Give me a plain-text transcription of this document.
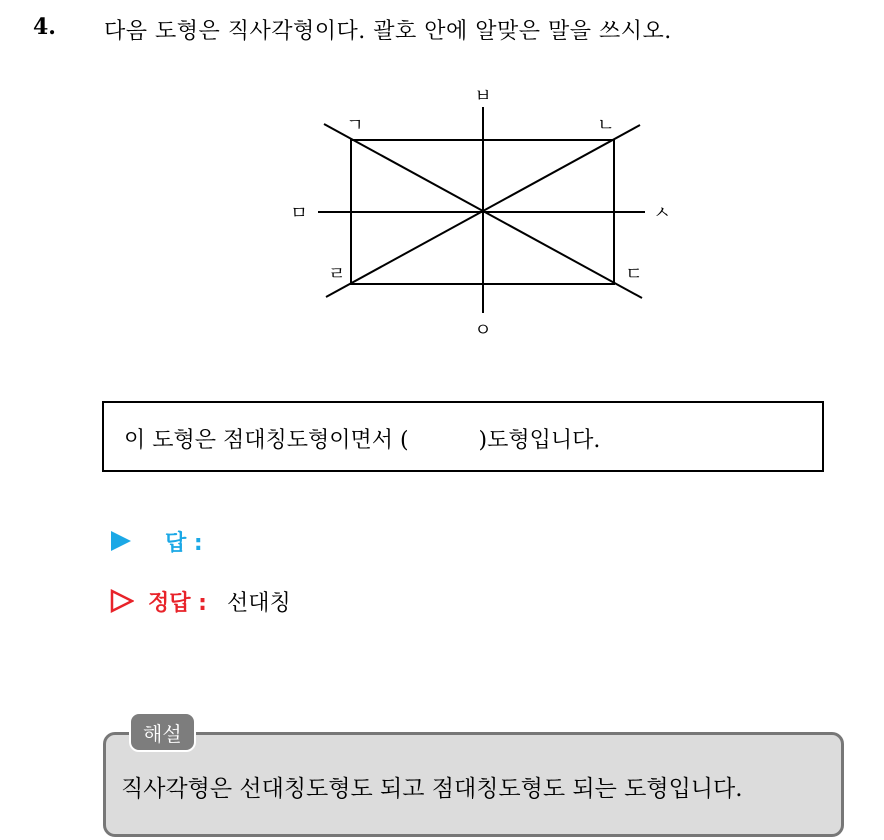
4. 다음 도형은 직사각형이다. 괄호 안에 알맞은 말을 쓰시오.
ㅂ
ㄱ	ㄴ
ㅁ	ㅅ
ㄹ	ㄷ
ㅇ
이 도형은 점대칭도형이면서 (          )도형입니다.
답 :
정답 : 선대칭
해설
직사각형은 선대칭도형도 되고 점대칭도형도 되는 도형입니다.
